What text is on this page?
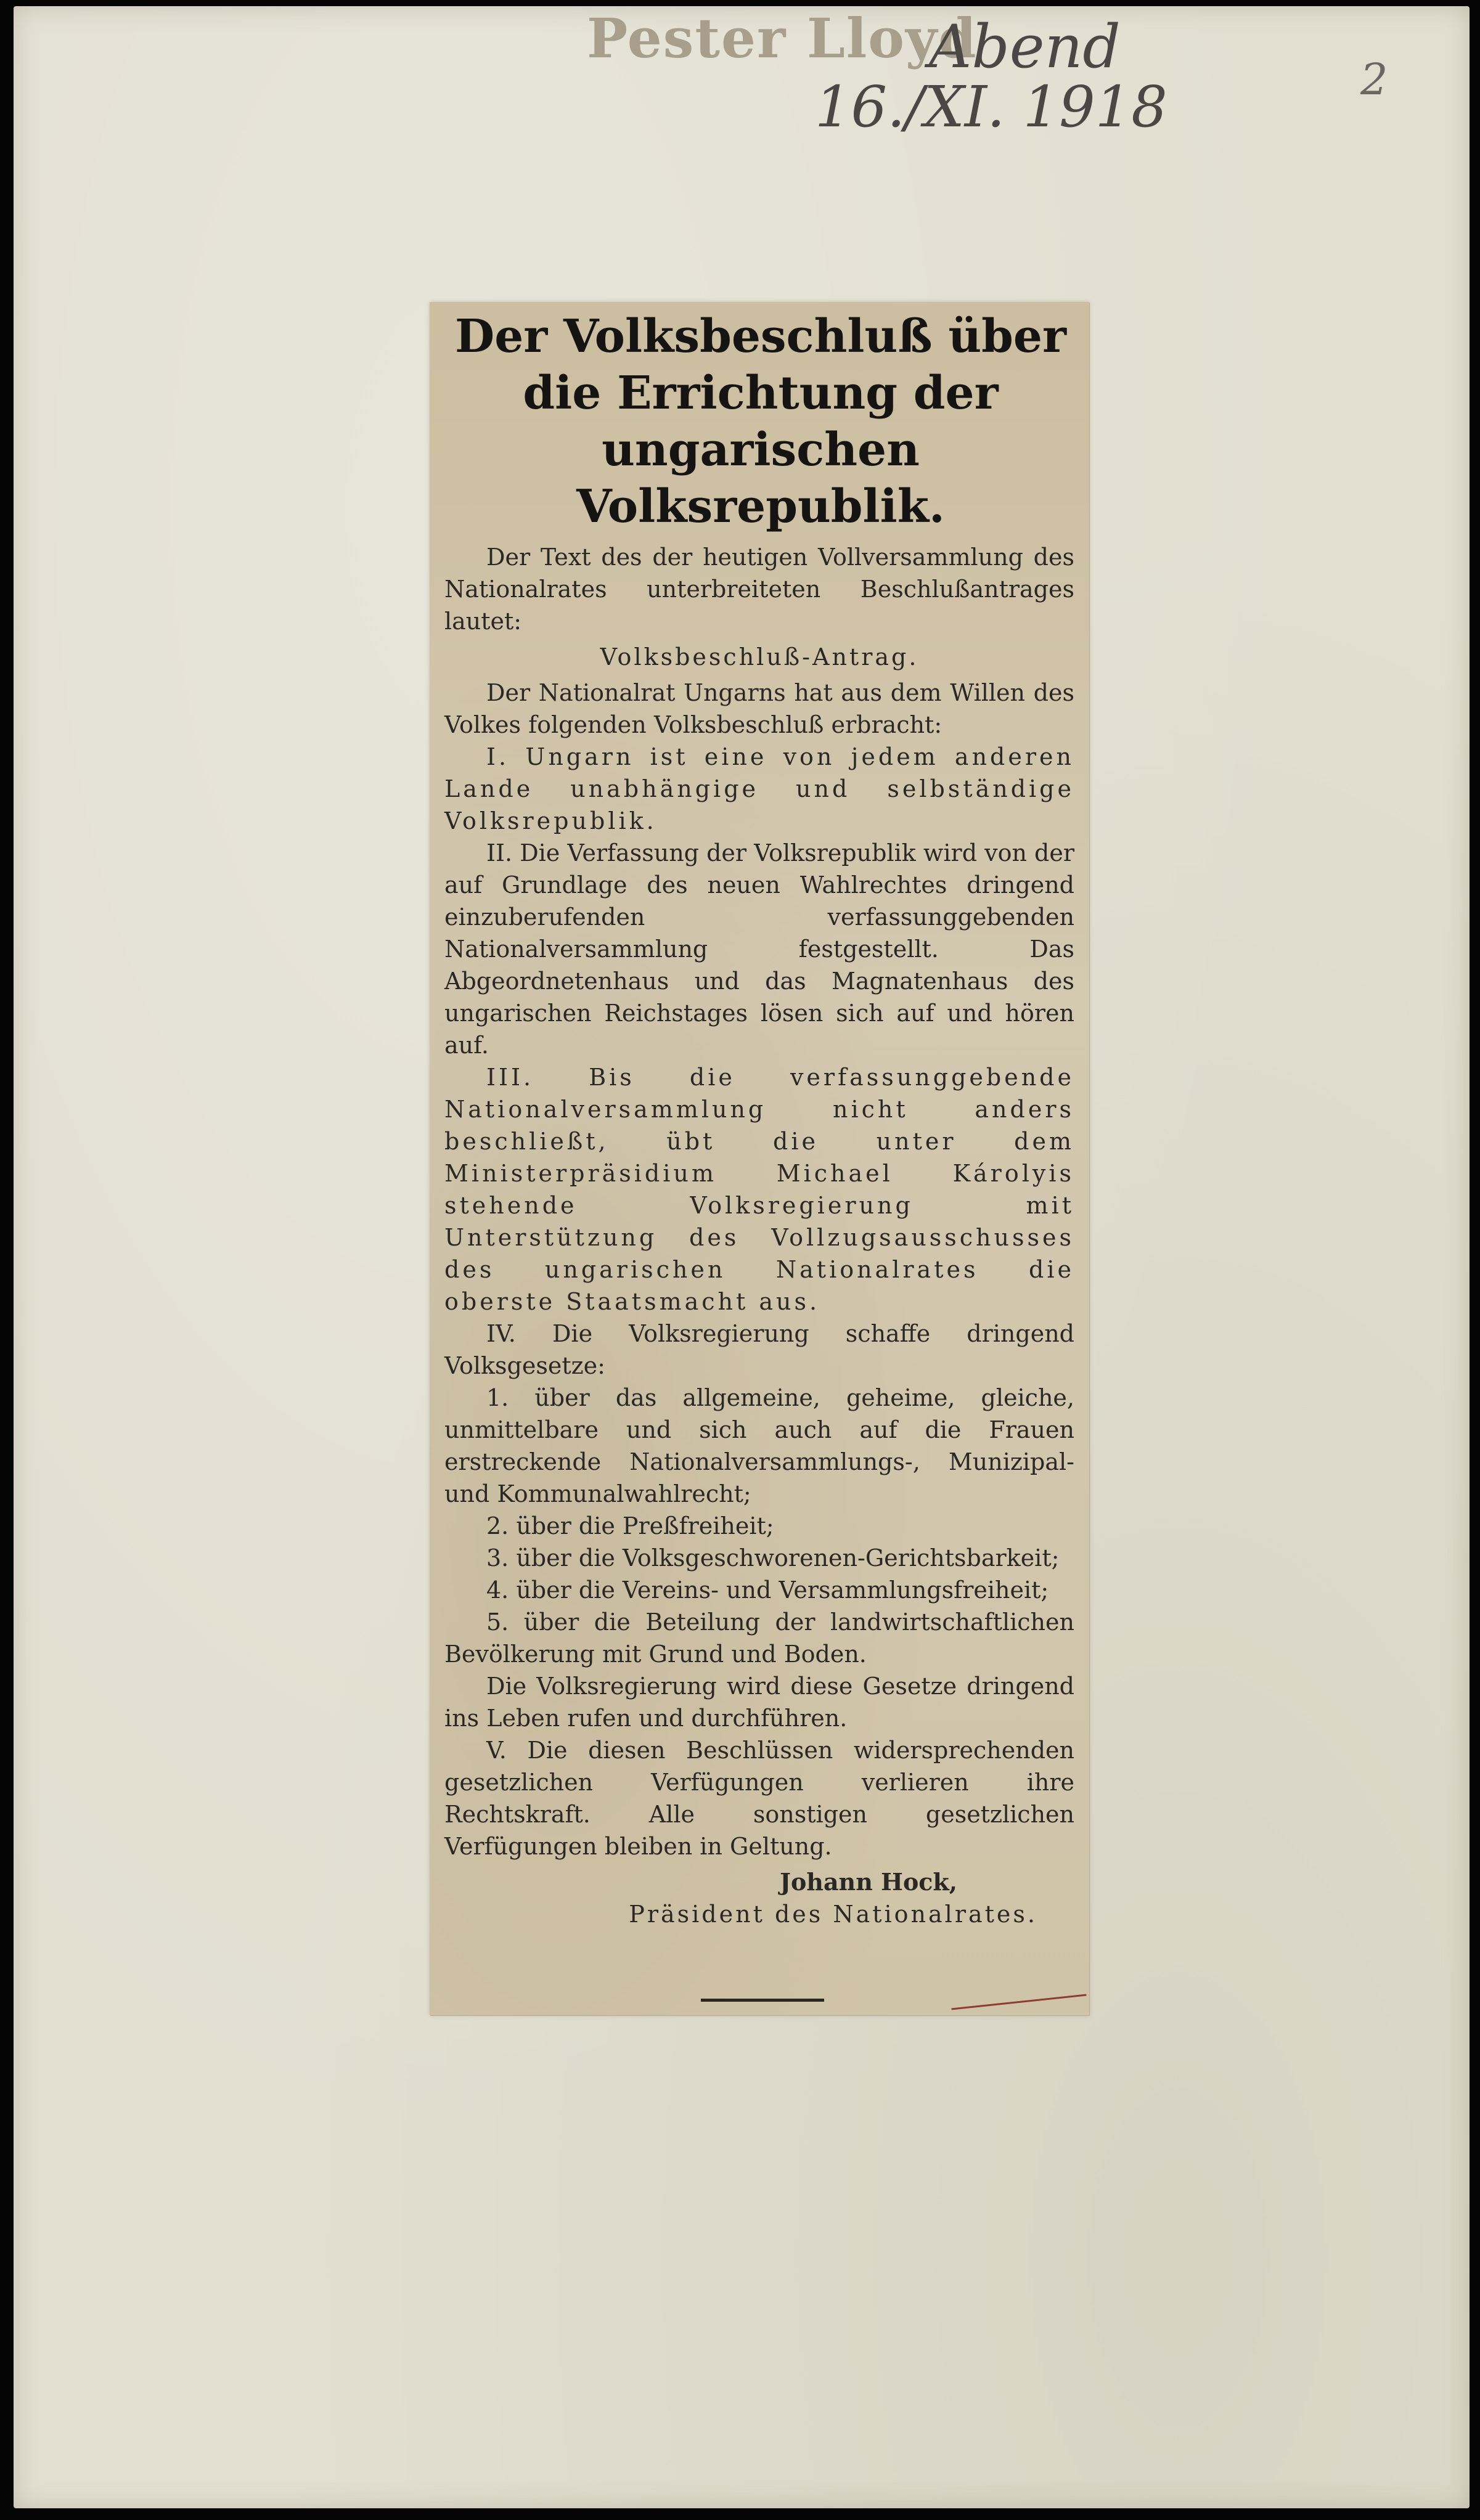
Pester Lloyd
Abend
16./XI. 1918	2
Der Volksbeschluß über die Errichtung der ungarischen Volksrepublik.

Der Text des der heutigen Vollversammlung des Nationalrates unterbreiteten Beschlußantrages lautet:

Volksbeschluß-Antrag.

Der Nationalrat Ungarns hat aus dem Willen des Volkes folgenden Volksbeschluß erbracht:

I. Ungarn ist eine von jedem anderen Lande unabhängige und selbständige Volksrepublik.

II. Die Verfassung der Volksrepublik wird von der auf Grundlage des neuen Wahlrechtes dringend einzuberufenden verfassunggebenden Nationalversammlung festgestellt. Das Abgeordnetenhaus und das Magnatenhaus des ungarischen Reichstages lösen sich auf und hören auf.

III. Bis die verfassunggebende Nationalversammlung nicht anders beschließt, übt die unter dem Ministerpräsidium Michael Károlyis stehende Volksregierung mit Unterstützung des Vollzugsausschusses des ungarischen Nationalrates die oberste Staatsmacht aus.

IV. Die Volksregierung schaffe dringend Volksgesetze:

1. über das allgemeine, geheime, gleiche, unmittelbare und sich auch auf die Frauen erstreckende Nationalversammlungs-, Munizipal- und Kommunalwahlrecht;

2. über die Preßfreiheit;

3. über die Volksgeschworenen-Gerichtsbarkeit;

4. über die Vereins- und Versammlungsfreiheit;

5. über die Beteilung der landwirtschaftlichen Bevölkerung mit Grund und Boden.

Die Volksregierung wird diese Gesetze dringend ins Leben rufen und durchführen.

V. Die diesen Beschlüssen widersprechenden gesetzlichen Verfügungen verlieren ihre Rechtskraft. Alle sonstigen gesetzlichen Verfügungen bleiben in Geltung.

Johann Hock,
Präsident des Nationalrates.
